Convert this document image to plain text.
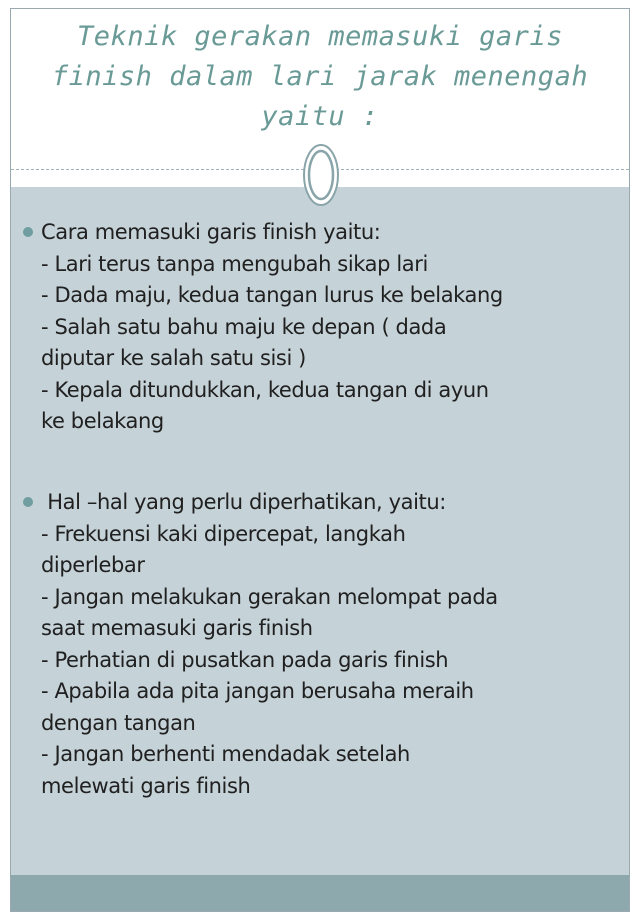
Teknik gerakan memasuki garis
finish dalam lari jarak menengah
yaitu :
Cara memasuki garis finish yaitu:
- Lari terus tanpa mengubah sikap lari
- Dada maju, kedua tangan lurus ke belakang
- Salah satu bahu maju ke depan ( dada
diputar ke salah satu sisi )
- Kepala ditundukkan, kedua tangan di ayun
ke belakang
Hal –hal yang perlu diperhatikan, yaitu:
- Frekuensi kaki dipercepat, langkah
diperlebar
- Jangan melakukan gerakan melompat pada
saat memasuki garis finish
- Perhatian di pusatkan pada garis finish
- Apabila ada pita jangan berusaha meraih
dengan tangan
- Jangan berhenti mendadak setelah
melewati garis finish
